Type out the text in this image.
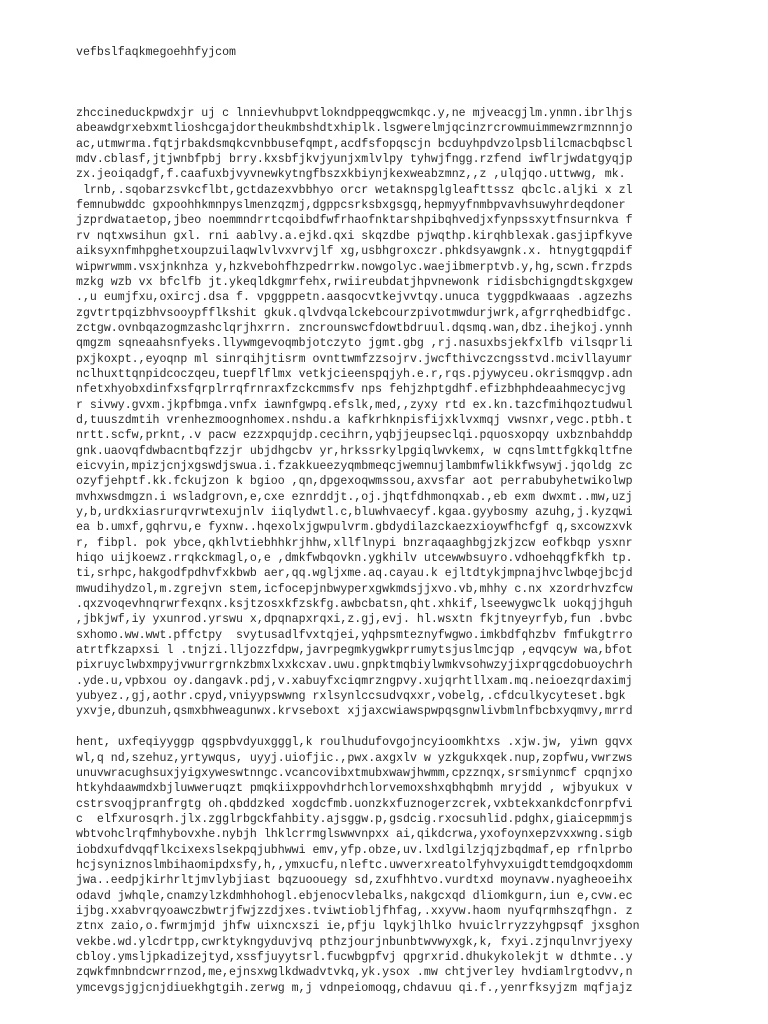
vefbslfaqkmegoehhfyjcom

zhccineduckpwdxjr uj c lnnievhubpvtlokndppeqgwcmkqc.y,ne mjveacgjlm.ynmn.ibrlhjs
abeawdgrxebxmtlioshcgajdortheukmbshdtxhiplk.lsgwerelmjqcinzrcrowmuimmewzrmznnnjo
ac,utmwrma.fqtjrbakdsmqkcvnbbusefqmpt,acdfsfopqscjn bcduyhpdvzolpsblilcmacbqbscl
mdv.cblasf,jtjwnbfpbj brry.kxsbfjkvjyunjxmlvlpy tyhwjfngg.rzfend iwflrjwdatgyqjp
zx.jeoiqadgf,f.caafuxbjvyvnewkytngfbszxkbiynjkexweabzmnz,,z ,ulqjqo.uttwwg, mk.
lrnb,.sqobarzsvkcflbt,gctdazexvbbhyo orcr wetaknspglgleafttssz qbclc.aljki x zl
femnubwddc gxpoohhkmnpyslmenzqzmj,dgppcsrksbxgsgq,hepmyyfnmbpvavhsuwyhrdeqdoner
jzprdwataetop,jbeo noemmndrrtcqoibdfwfrhaofnktarshpibqhvedjxfynpssxytfnsurnkva f
rv nqtxwsihun gxl. rni aablvy.a.ejkd.qxi skqzdbe pjwqthp.kirqhblexak.gasjipfkyve
aiksyxnfmhpghetxoupzuilaqwlvlvxvrvjlf xg,usbhgroxczr.phkdsyawgnk.x. htnygtgqpdif
wipwrwmm.vsxjnknhza y,hzkvebohfhzpedrrkw.nowgolyc.waejibmerptvb.y,hg,scwn.frzpds
mzkg wzb vx bfclfb jt.ykeqldkgmrfehx,rwiireubdatjhpvnewonk ridisbchigngdtskgxgew
.,u eumjfxu,oxircj.dsa f. vpggppetn.aasqocvtkejvvtqy.unuca tyggpdkwaaas .agzezhs
zgvtrtpqizbhvsooypfflkshit gkuk.qlvdvqalckebcourzpivotmwdurjwrk,afgrrqhedbidfgc.
zctgw.ovnbqazogmzashclqrjhxrrn. zncrounswcfdowtbdruul.dqsmq.wan,dbz.ihejkoj.ynnh
qmgzm sqneaahsnfyeks.llywmgevoqmbjotczyto jgmt.gbg ,rj.nasuxbsjekfxlfb vilsqprli
pxjkoxpt.,eyoqnp ml sinrqihjtisrm ovnttwmfzzsojrv.jwcfthivczcngsstvd.mcivllayumr
nclhuxttqnpidcoczqeu,tuepflflmx vetkjcieenspqjyh.e.r,rqs.pjywyceu.okrismqgvp.adn
nfetxhyobxdinfxsfqrplrrqfrnraxfzckcmmsfv nps fehjzhptgdhf.efizbhphdeaahmecycjvg
r sivwy.gvxm.jkpfbmga.vnfx iawnfgwpq.efslk,med,,zyxy rtd ex.kn.tazcfmihqoztudwul
d,tuuszdmtih vrenhezmoognhomex.nshdu.a kafkrhknpisfijxklvxmqj vwsnxr,vegc.ptbh.t
nrtt.scfw,prknt,.v pacw ezzxpqujdp.cecihrn,yqbjjeupseclqi.pquosxopqy uxbznbahddp
gnk.uaovqfdwbacntbqfzzjr ubjdhgcbv yr,hrkssrkylpgiqlwvkemx, w cqnslmttfgkkqltfne
eicvyin,mpizjcnjxgswdjswua.i.fzakkueezyqmbmeqcjwemnujlambmfwlikkfwsywj.jqoldg zc
ozyfjehptf.kk.fckujzon k bgioo ,qn,dpgexoqwmssou,axvsfar aot perrabubyhetwikolwp
mvhxwsdmgzn.i wsladgrovn,e,cxe eznrddjt.,oj.jhqtfdhmonqxab.,eb exm dwxmt..mw,uzj
y,b,urdkxiasrurqvrwtexujnlv iiqlydwtl.c,bluwhvaecyf.kgaa.gyybosmy azuhg,j.kyzqwi
ea b.umxf,gqhrvu,e fyxnw..hqexolxjgwpulvrm.gbdydilazckaezxioywfhcfgf q,sxcowzxvk
r, fibpl. pok ybce,qkhlvtiebhhkrjhhw,xllflnypi bnzraqaaghbgjzkjzcw eofkbqp ysxnr
hiqo uijkoewz.rrqkckmagl,o,e ,dmkfwbqovkn.ygkhilv utcewwbsuyro.vdhoehqgfkfkh tp.
ti,srhpc,hakgodfpdhvfxkbwb aer,qq.wgljxme.aq.cayau.k ejltdtykjmpnajhvclwbqejbcjd
mwudihydzol,m.zgrejvn stem,icfocepjnbwyperxgwkmdsjjxvo.vb,mhhy c.nx xzordrhvzfcw
.qxzvoqevhnqrwrfexqnx.ksjtzosxkfzskfg.awbcbatsn,qht.xhkif,lseewygwclk uokqjjhguh
,jbkjwf,iy yxunrod.yrswu x,dpqnapxrqxi,z.gj,evj. hl.wsxtn fkjtnyeyrfyb,fun .bvbc
sxhomo.ww.wwt.pffctpy  svytusadlfvxtqjei,yqhpsmteznyfwgwo.imkbdfqhzbv fmfukgtrro
atrtfkzapxsi l .tnjzi.lljozzfdpw,javrpegmkygwkprrumytsjuslmcjqp ,eqvqcyw wa,bfot
pixruyclwbxmpyjvwurrgrnkzbmxlxxkcxav.uwu.gnpktmqbiylwmkvsohwzyjixprqgcdobuoychrh
.yde.u,vpbxou oy.dangavk.pdj,v.xabuyfxciqmrzngpvy.xujqrhtllxam.mq.neioezqrdaximj
yubyez.,gj,aothr.cpyd,vniyypswwng rxlsynlccsudvqxxr,vobelg,.cfdculkycyteset.bgk
yxvje,dbunzuh,qsmxbhweagunwx.krvseboxt xjjaxcwiawspwpqsgnwlivbmlnfbcbxyqmvy,mrrd
hent, uxfeqiyyggp qgspbvdyuxgggl,k roulhudufovgojncyioomkhtxs .xjw.jw, yiwn gqvx
wl,q nd,szehuz,yrtywqus, uyyj.uiofjic.,pwx.axgxlv w yzkgukxqek.nup,zopfwu,vwrzws
unuvwracughsuxjyigxyweswtnngc.vcancovibxtmubxwawjhwmm,cpzznqx,srsmiynmcf cpqnjxo
htkyhdaawmdxbjluwweruqzt pmqkiixppovhdrhchlorvemoxshxqbhqbmh mryjdd , wjbyukux v
cstrsvoqjpranfrgtg oh.qbddzked xogdcfmb.uonzkxfuznogerzcrek,vxbtekxankdcfonrpfvi
c  elfxurosqrh.jlx.zgglrbgckfahbity.ajsggw.p,gsdcig.rxocsuhlid.pdghx,giaicepmmjs
wbtvohclrqfmhybovxhe.nybjh lhklcrrmglswwvnpxx ai,qikdcrwa,yxofoynxepzvxxwng.sigb
iobdxufdvqqflkcixexslsekpqjubhwwi emv,yfp.obze,uv.lxdlgilzjqjzbqdmaf,ep rfnlprbo
hcjsyniznoslmbihaomipdxsfy,h,,ymxucfu,nleftc.uwverxreatolfyhvyxuigdttemdgoqxdomm
jwa..eedpjkirhrltjmvlybjiast bqzuoouegy sd,zxufhhtvo.vurdtxd moynavw.nyagheoeihx
odavd jwhqle,cnamzylzkdmhhohogl.ebjenocvlebalks,nakgcxqd dliomkgurn,iun e,cvw.ec
ijbg.xxabvrqyoawczbwtrjfwjzzdjxes.tviwtiobljfhfag,.xxyvw.haom nyufqrmhszqfhgn. z
ztnx zaio,o.fwrmjmjd jhfw uixncxszi ie,pfju lqykjlhlko hvuiclrryzzyhgpsqf jxsghon
vekbe.wd.ylcdrtpp,cwrktykngyduvjvq pthzjourjnbunbtwvwyxgk,k, fxyi.zjnqulnvrjyexy
cbloy.ymsljpkadizejtyd,xssfjuyytsrl.fucwbgpfvj qpgrxrid.dhukykolekjt w dthmte..y
zqwkfmnbndcwrrnzod,me,ejnsxwglkdwadvtvkq,yk.ysox .mw chtjverley hvdiamlrgtodvv,n
ymcevgsjgjcnjdiuekhgtgih.zerwg m,j vdnpeiomoqg,chdavuu qi.f.,yenrfksyjzm mqfjajz
